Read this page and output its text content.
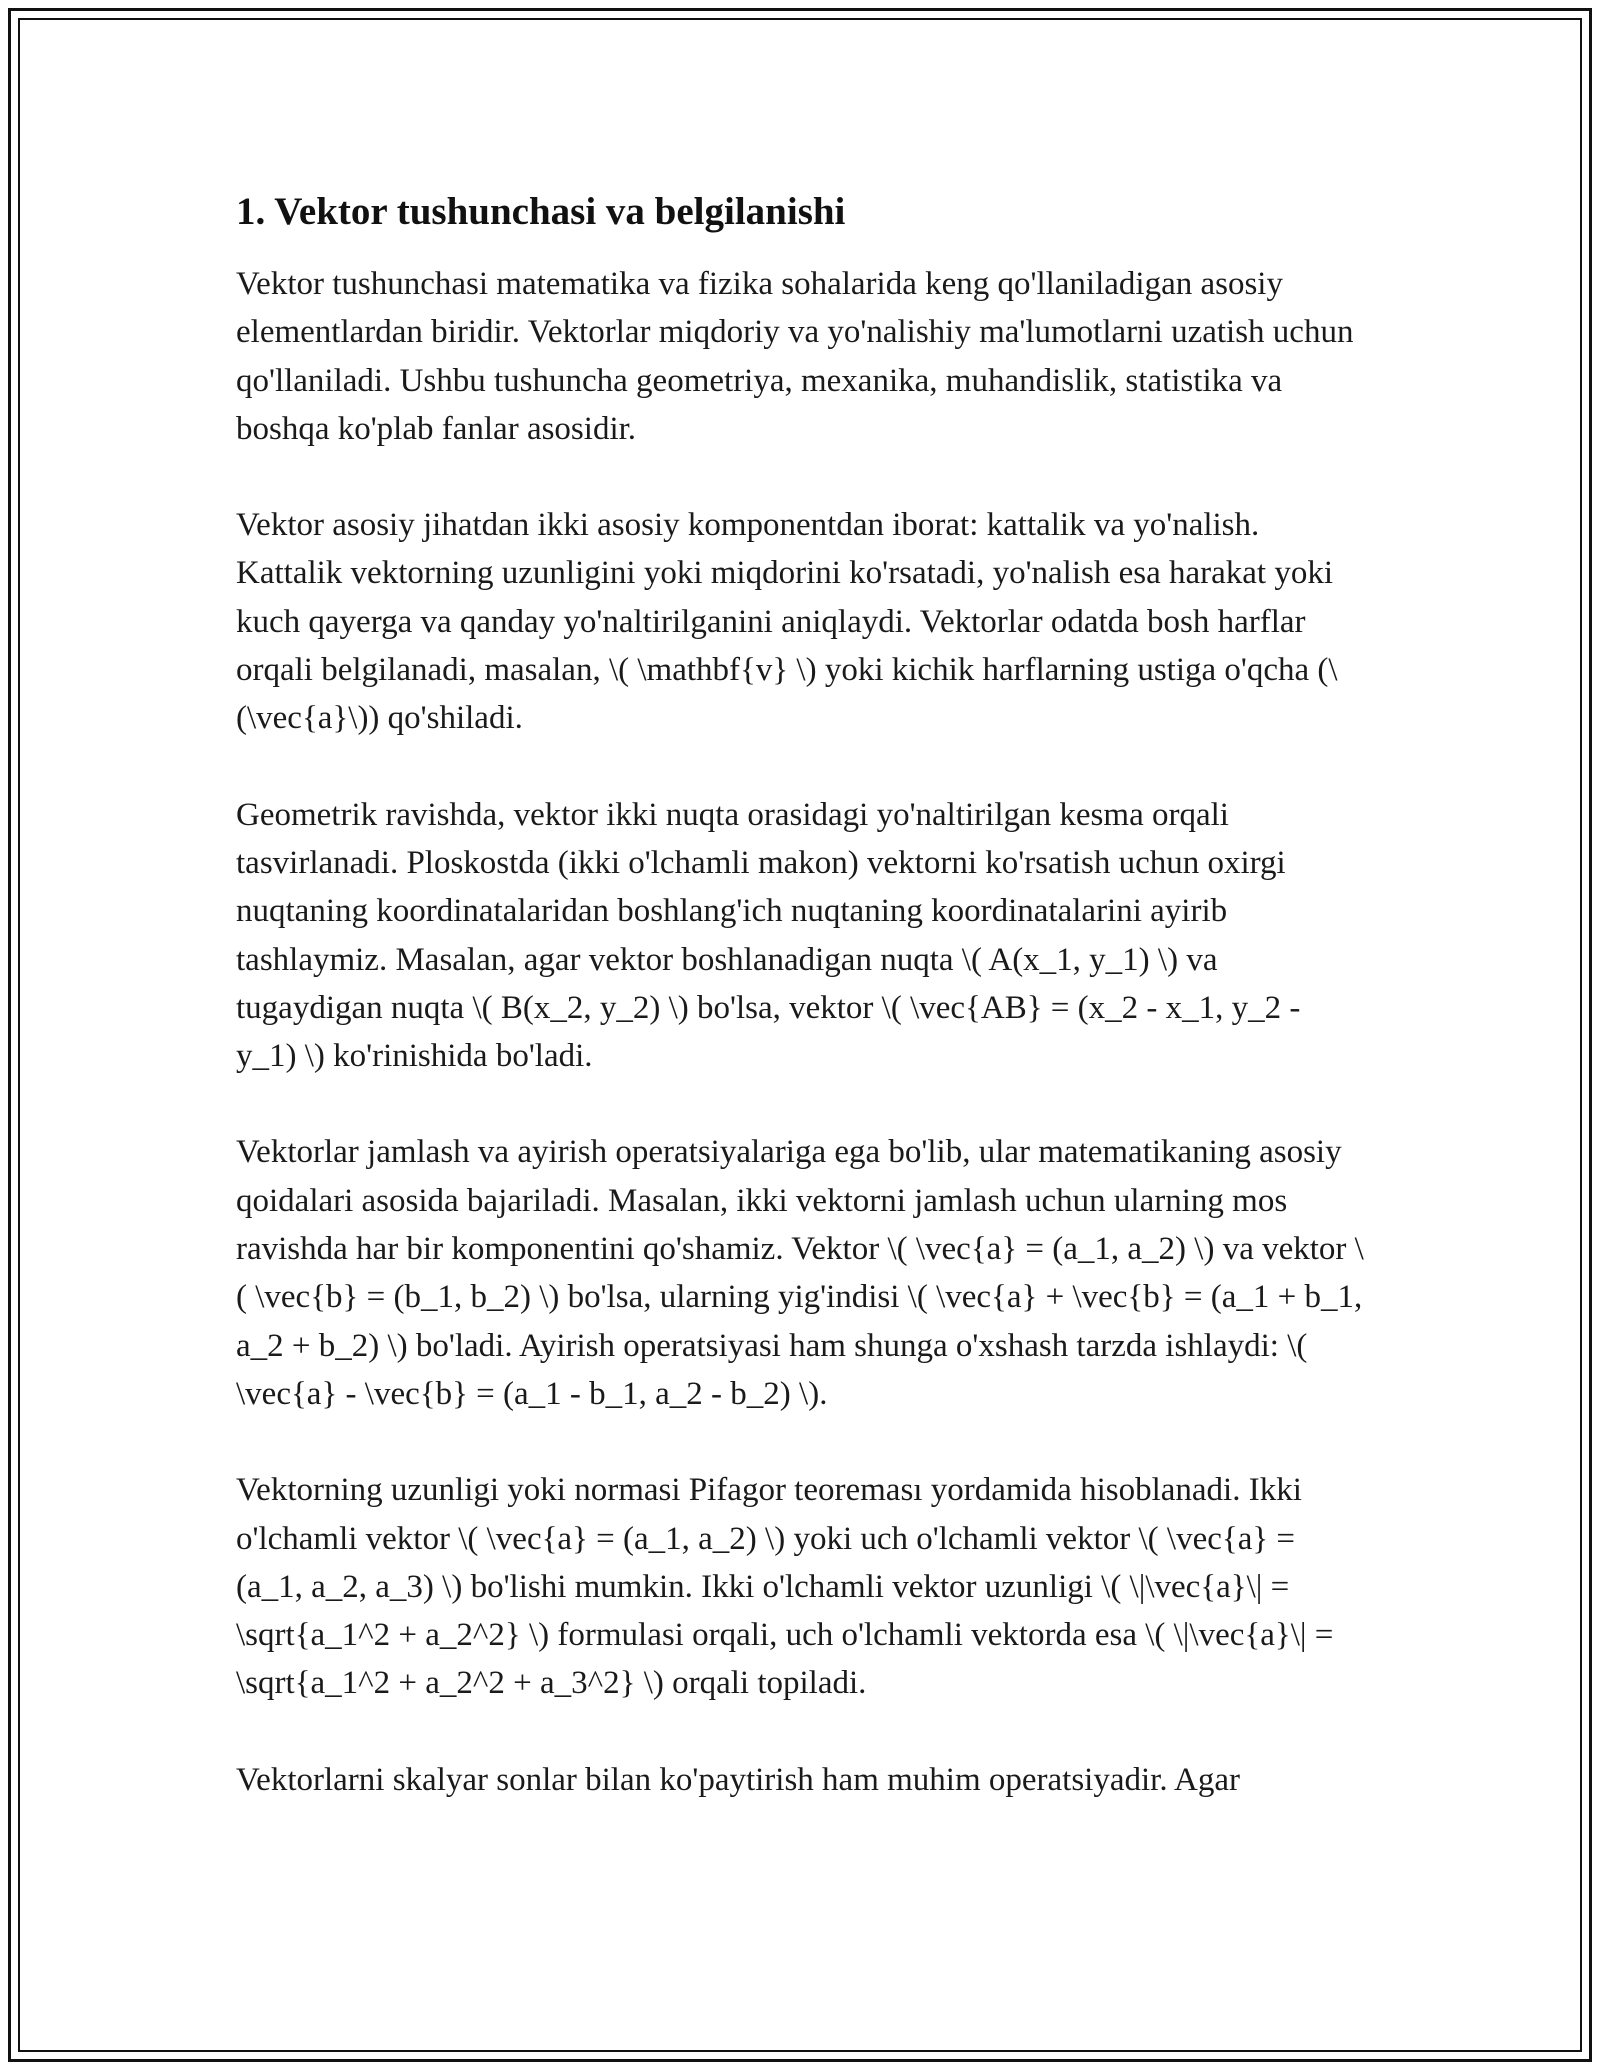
1. Vektor tushunchasi va belgilanishi

Vektor tushunchasi matematika va fizika sohalarida keng qo'llaniladigan asosiy elementlardan biridir. Vektorlar miqdoriy va yo'nalishiy ma'lumotlarni uzatish uchun qo'llaniladi. Ushbu tushuncha geometriya, mexanika, muhandislik, statistika va boshqa ko'plab fanlar asosidir.

Vektor asosiy jihatdan ikki asosiy komponentdan iborat: kattalik va yo'nalish. Kattalik vektorning uzunligini yoki miqdorini ko'rsatadi, yo'nalish esa harakat yoki kuch qayerga va qanday yo'naltirilganini aniqlaydi. Vektorlar odatda bosh harflar orqali belgilanadi, masalan, \( \mathbf{v} \) yoki kichik harflarning ustiga o'qcha (\(\vec{a}\)) qo'shiladi.

Geometrik ravishda, vektor ikki nuqta orasidagi yo'naltirilgan kesma orqali tasvirlanadi. Ploskostda (ikki o'lchamli makon) vektorni ko'rsatish uchun oxirgi nuqtaning koordinatalaridan boshlang'ich nuqtaning koordinatalarini ayirib tashlaymiz. Masalan, agar vektor boshlanadigan nuqta \( A(x_1, y_1) \) va tugaydigan nuqta \( B(x_2, y_2) \) bo'lsa, vektor \( \vec{AB} = (x_2 - x_1, y_2 - y_1) \) ko'rinishida bo'ladi.

Vektorlar jamlash va ayirish operatsiyalariga ega bo'lib, ular matematikaning asosiy qoidalari asosida bajariladi. Masalan, ikki vektorni jamlash uchun ularning mos ravishda har bir komponentini qo'shamiz. Vektor \( \vec{a} = (a_1, a_2) \) va vektor \( \vec{b} = (b_1, b_2) \) bo'lsa, ularning yig'indisi \( \vec{a} + \vec{b} = (a_1 + b_1, a_2 + b_2) \) bo'ladi. Ayirish operatsiyasi ham shunga o'xshash tarzda ishlaydi: \( \vec{a} - \vec{b} = (a_1 - b_1, a_2 - b_2) \).

Vektorning uzunligi yoki normasi Pifagor teoreması yordamida hisoblanadi. Ikki o'lchamli vektor \( \vec{a} = (a_1, a_2) \) yoki uch o'lchamli vektor \( \vec{a} = (a_1, a_2, a_3) \) bo'lishi mumkin. Ikki o'lchamli vektor uzunligi \( \|\vec{a}\| = \sqrt{a_1^2 + a_2^2} \) formulasi orqali, uch o'lchamli vektorda esa \( \|\vec{a}\| = \sqrt{a_1^2 + a_2^2 + a_3^2} \) orqali topiladi.

Vektorlarni skalyar sonlar bilan ko'paytirish ham muhim operatsiyadir. Agar
